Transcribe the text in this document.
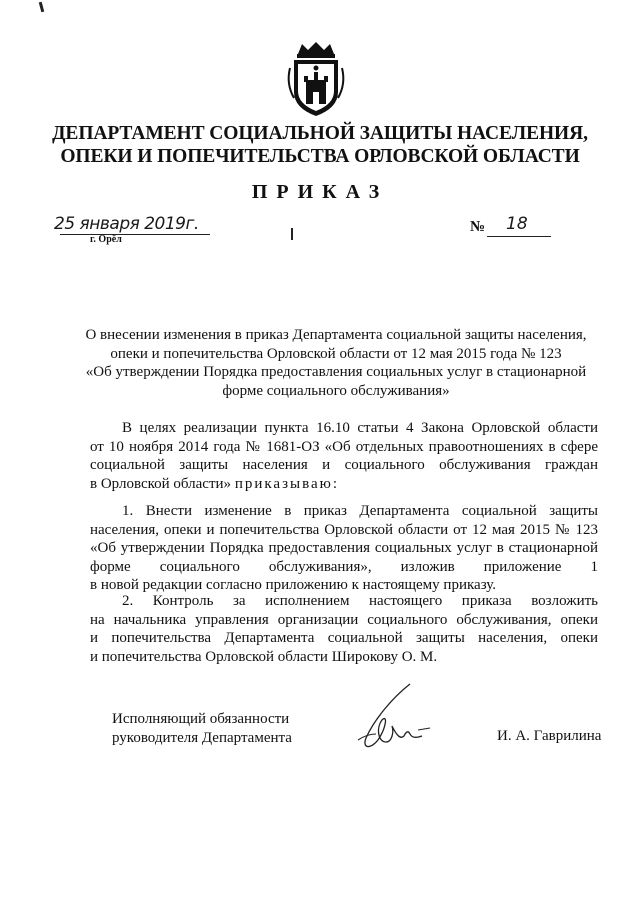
ДЕПАРТАМЕНТ СОЦИАЛЬНОЙ ЗАЩИТЫ НАСЕЛЕНИЯ,
ОПЕКИ И ПОПЕЧИТЕЛЬСТВА ОРЛОВСКОЙ ОБЛАСТИ
ПРИКАЗ
25 января 2019г.
г. Орёл
№ 18
О внесении изменения в приказ Департамента социальной защиты населения,
опеки и попечительства Орловской области от 12 мая 2015 года № 123
«Об утверждении Порядка предоставления социальных услуг в стационарной
форме социального обслуживания»
В целях реализации пункта 16.10 статьи 4 Закона Орловской области
от 10 ноября 2014 года № 1681-ОЗ «Об отдельных правоотношениях в сфере
социальной защиты населения и социального обслуживания граждан
в Орловской области» приказываю:
1. Внести изменение в приказ Департамента социальной защиты
населения, опеки и попечительства Орловской области от 12 мая 2015 № 123
«Об утверждении Порядка предоставления социальных услуг в стационарной
форме социального обслуживания», изложив приложение 1
в новой редакции согласно приложению к настоящему приказу.
2. Контроль за исполнением настоящего приказа возложить
на начальника управления организации социального обслуживания, опеки
и попечительства Департамента социальной защиты населения, опеки
и попечительства Орловской области Широкову О. М.
Исполняющий обязанности
руководителя Департамента	И. А. Гаврилина
